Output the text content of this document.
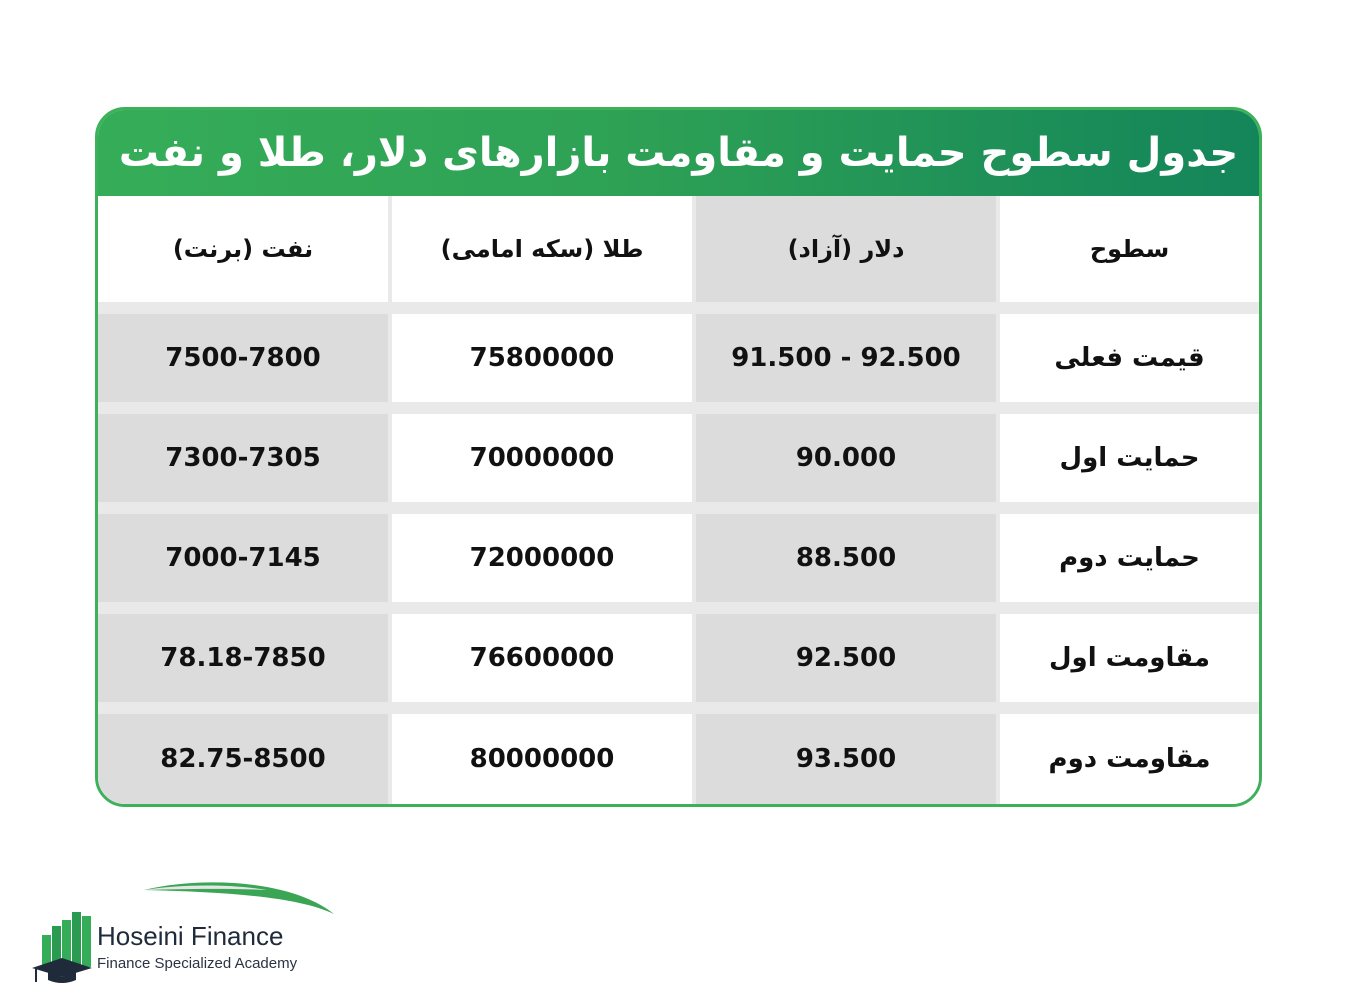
جدول سطوح حمایت و مقاومت بازارهای دلار، طلا و نفت
نفت (برنت)	طلا (سکه امامی)	دلار (آزاد)	سطوح
7500-7800	75800000	91.500 - 92.500	قیمت فعلی
7300-7305	70000000	90.000	حمایت اول
7000-7145	72000000	88.500	حمایت دوم
78.18-7850	76600000	92.500	مقاومت اول
82.75-8500	80000000	93.500	مقاومت دوم
Hoseini Finance
Finance Specialized Academy
